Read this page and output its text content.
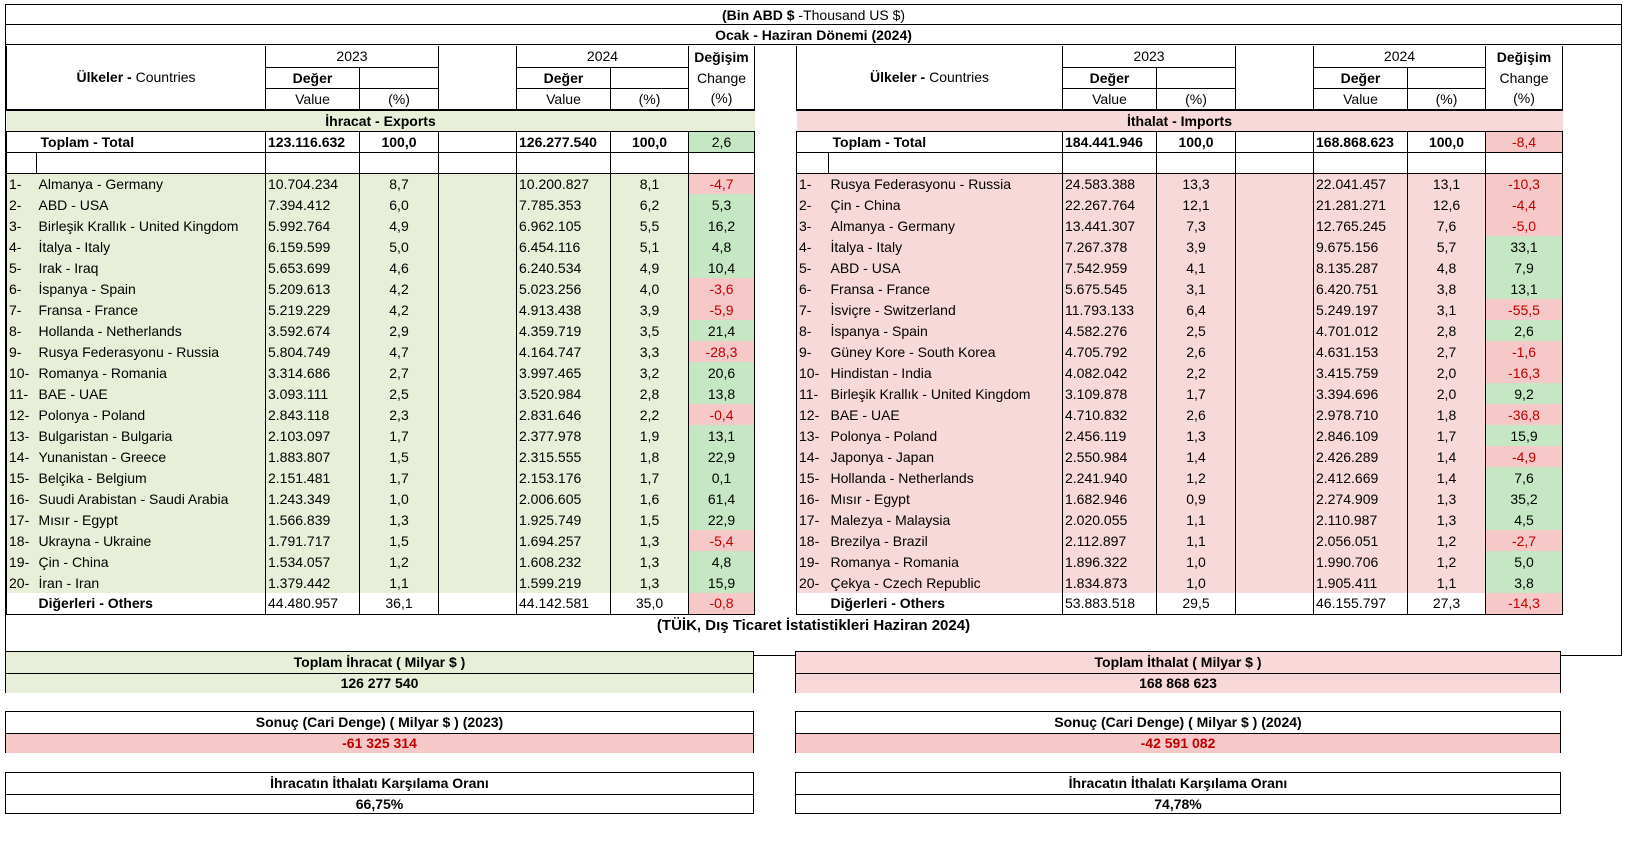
(Bin ABD $ -Thousand US $)
Ocak - Haziran Dönemi (2024)
Ülkeler - Countries		2023			2024		Değişim
		Değer			Değer		Change
		Value	(%)		Value	(%)	(%)
İhracat - Exports							
	Toplam - Total	123.116.632	100,0		126.277.540	100,0	2,6

1-	Almanya - Germany	10.704.234	8,7		10.200.827	8,1	-4,7
2-	ABD - USA	7.394.412	6,0		7.785.353	6,2	5,3
3-	Birleşik Krallık - United Kingdom	5.992.764	4,9		6.962.105	5,5	16,2
4-	İtalya - Italy	6.159.599	5,0		6.454.116	5,1	4,8
5-	Irak - Iraq	5.653.699	4,6		6.240.534	4,9	10,4
6-	İspanya - Spain	5.209.613	4,2		5.023.256	4,0	-3,6
7-	Fransa - France	5.219.229	4,2		4.913.438	3,9	-5,9
8-	Hollanda - Netherlands	3.592.674	2,9		4.359.719	3,5	21,4
9-	Rusya Federasyonu - Russia	5.804.749	4,7		4.164.747	3,3	-28,3
10-	Romanya - Romania	3.314.686	2,7		3.997.465	3,2	20,6
11-	BAE - UAE	3.093.111	2,5		3.520.984	2,8	13,8
12-	Polonya - Poland	2.843.118	2,3		2.831.646	2,2	-0,4
13-	Bulgaristan - Bulgaria	2.103.097	1,7		2.377.978	1,9	13,1
14-	Yunanistan - Greece	1.883.807	1,5		2.315.555	1,8	22,9
15-	Belçika - Belgium	2.151.481	1,7		2.153.176	1,7	0,1
16-	Suudi Arabistan - Saudi Arabia	1.243.349	1,0		2.006.605	1,6	61,4
17-	Mısır - Egypt	1.566.839	1,3		1.925.749	1,5	22,9
18-	Ukrayna - Ukraine	1.791.717	1,5		1.694.257	1,3	-5,4
19-	Çin - China	1.534.057	1,2		1.608.232	1,3	4,8
20-	İran - Iran	1.379.442	1,1		1.599.219	1,3	15,9
	Diğerleri - Others	44.480.957	36,1		44.142.581	35,0	-0,8
Ülkeler - Countries		2023			2024		Değişim
		Değer			Değer		Change
		Value	(%)		Value	(%)	(%)
İthalat - Imports							
	Toplam - Total	184.441.946	100,0		168.868.623	100,0	-8,4

1-	Rusya Federasyonu - Russia	24.583.388	13,3		22.041.457	13,1	-10,3
2-	Çin - China	22.267.764	12,1		21.281.271	12,6	-4,4
3-	Almanya - Germany	13.441.307	7,3		12.765.245	7,6	-5,0
4-	İtalya - Italy	7.267.378	3,9		9.675.156	5,7	33,1
5-	ABD - USA	7.542.959	4,1		8.135.287	4,8	7,9
6-	Fransa - France	5.675.545	3,1		6.420.751	3,8	13,1
7-	İsviçre - Switzerland	11.793.133	6,4		5.249.197	3,1	-55,5
8-	İspanya - Spain	4.582.276	2,5		4.701.012	2,8	2,6
9-	Güney Kore - South Korea	4.705.792	2,6		4.631.153	2,7	-1,6
10-	Hindistan - India	4.082.042	2,2		3.415.759	2,0	-16,3
11-	Birleşik Krallık - United Kingdom	3.109.878	1,7		3.394.696	2,0	9,2
12-	BAE - UAE	4.710.832	2,6		2.978.710	1,8	-36,8
13-	Polonya - Poland	2.456.119	1,3		2.846.109	1,7	15,9
14-	Japonya - Japan	2.550.984	1,4		2.426.289	1,4	-4,9
15-	Hollanda - Netherlands	2.241.940	1,2		2.412.669	1,4	7,6
16-	Mısır - Egypt	1.682.946	0,9		2.274.909	1,3	35,2
17-	Malezya - Malaysia	2.020.055	1,1		2.110.987	1,3	4,5
18-	Brezilya - Brazil	2.112.897	1,1		2.056.051	1,2	-2,7
19-	Romanya - Romania	1.896.322	1,0		1.990.706	1,2	5,0
20-	Çekya - Czech Republic	1.834.873	1,0		1.905.411	1,1	3,8
	Diğerleri - Others	53.883.518	29,5		46.155.797	27,3	-14,3
(TÜİK, Dış Ticaret İstatistikleri Haziran 2024)
Toplam İhracat ( Milyar $ )
126 277 540
Toplam İthalat ( Milyar $ )
168 868 623
Sonuç (Cari Denge) ( Milyar $ ) (2023)
-61 325 314
Sonuç (Cari Denge) ( Milyar $ ) (2024)
-42 591 082
İhracatın İthalatı Karşılama Oranı
66,75%
İhracatın İthalatı Karşılama Oranı
74,78%
